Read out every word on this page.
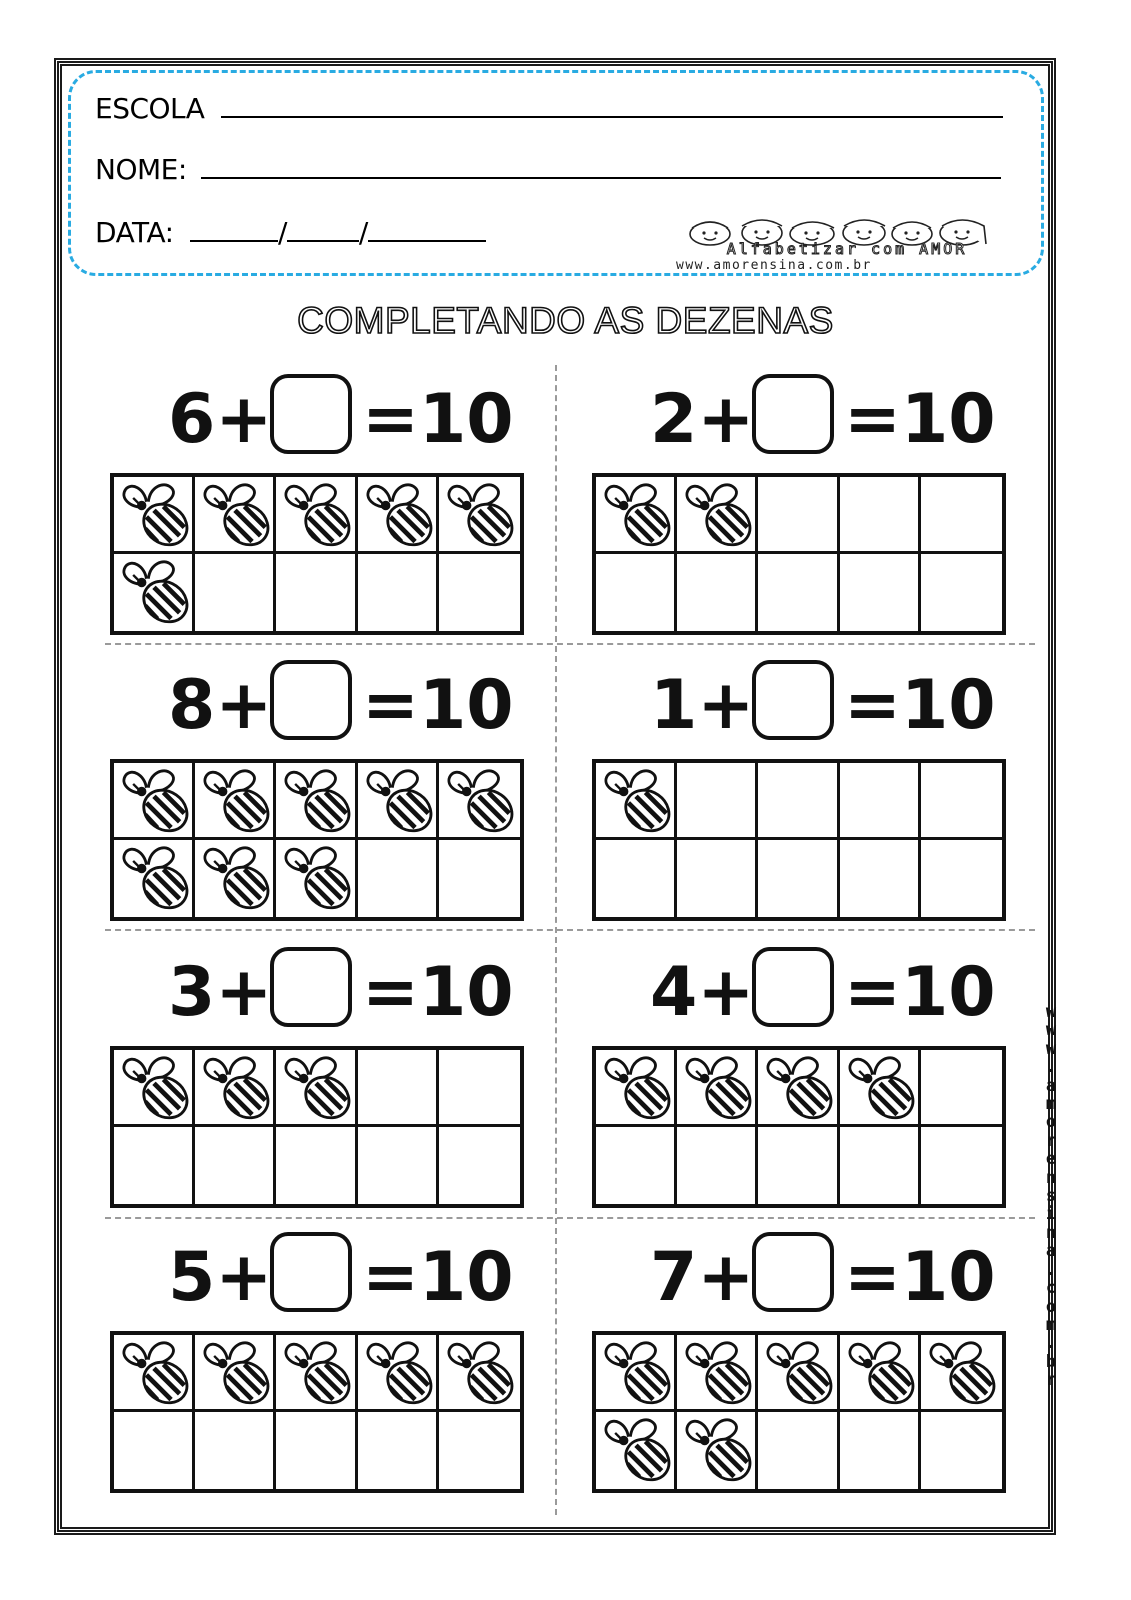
ESCOLA
NOME:
DATA:	/	/	Alfabetizar com AMOR
www.amorensina.com.br
COMPLETANDO AS DEZENAS
w
w
w
.
a
m
o
r
e
n
s
i
n
a
.
c
o
m
.
b
r
6+ =10 2+ =10
8+ =10 1+ =10
3+ =10 4+ =10
5+ =10 7+ =10
